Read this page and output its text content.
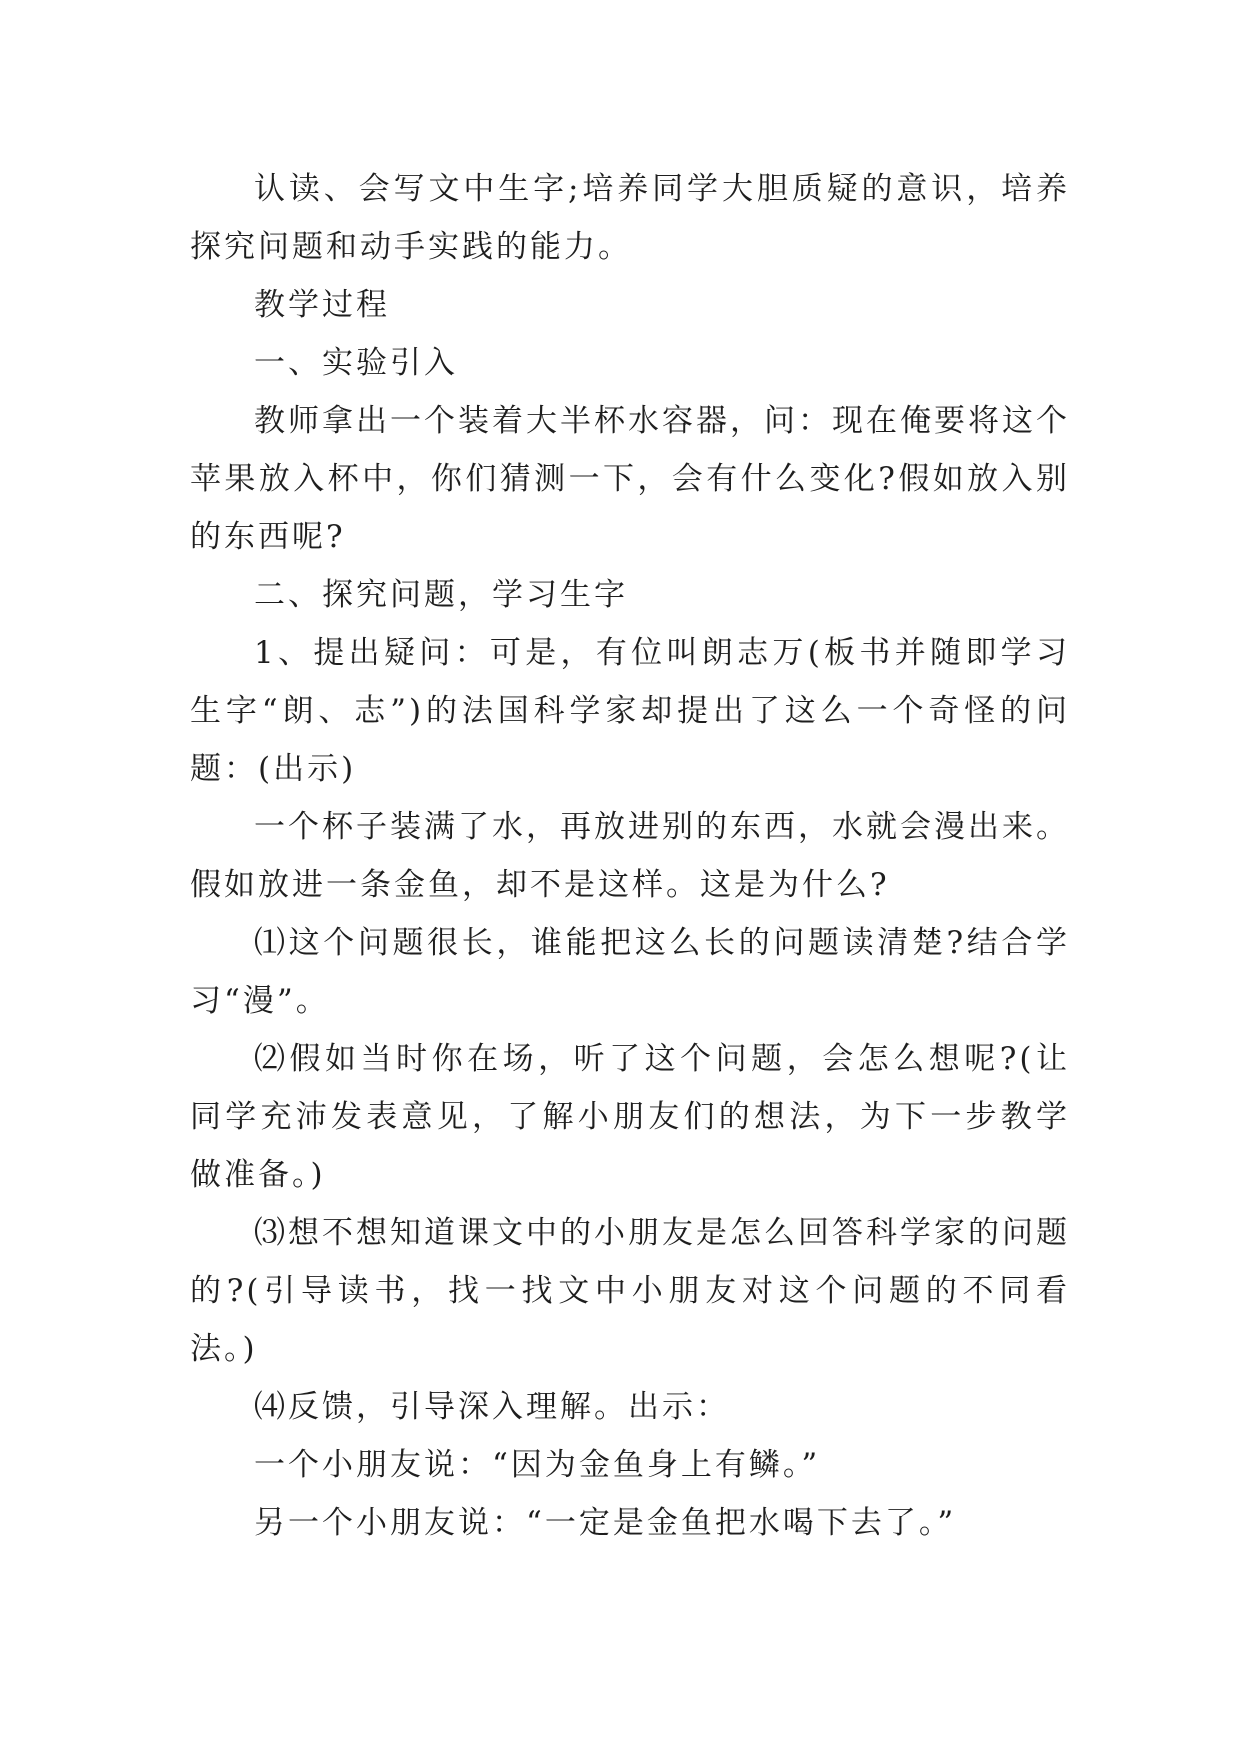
认读、会写文中生字;培养同学大胆质疑的意识，培养探究问题和动手实践的能力。

教学过程

一、实验引入

教师拿出一个装着大半杯水容器，问：现在俺要将这个苹果放入杯中，你们猜测一下，会有什么变化?假如放入别的东西呢?

二、探究问题，学习生字

1、提出疑问：可是，有位叫朗志万(板书并随即学习生字“朗、志”)的法国科学家却提出了这么一个奇怪的问题：(出示)

一个杯子装满了水，再放进别的东西，水就会漫出来。假如放进一条金鱼，却不是这样。这是为什么?

⑴这个问题很长，谁能把这么长的问题读清楚?结合学习“漫”。

⑵假如当时你在场，听了这个问题，会怎么想呢?(让同学充沛发表意见，了解小朋友们的想法，为下一步教学做准备。)

⑶想不想知道课文中的小朋友是怎么回答科学家的问题的?(引导读书，找一找文中小朋友对这个问题的不同看法。)

⑷反馈，引导深入理解。出示：

一个小朋友说：“因为金鱼身上有鳞。”

另一个小朋友说：“一定是金鱼把水喝下去了。”
